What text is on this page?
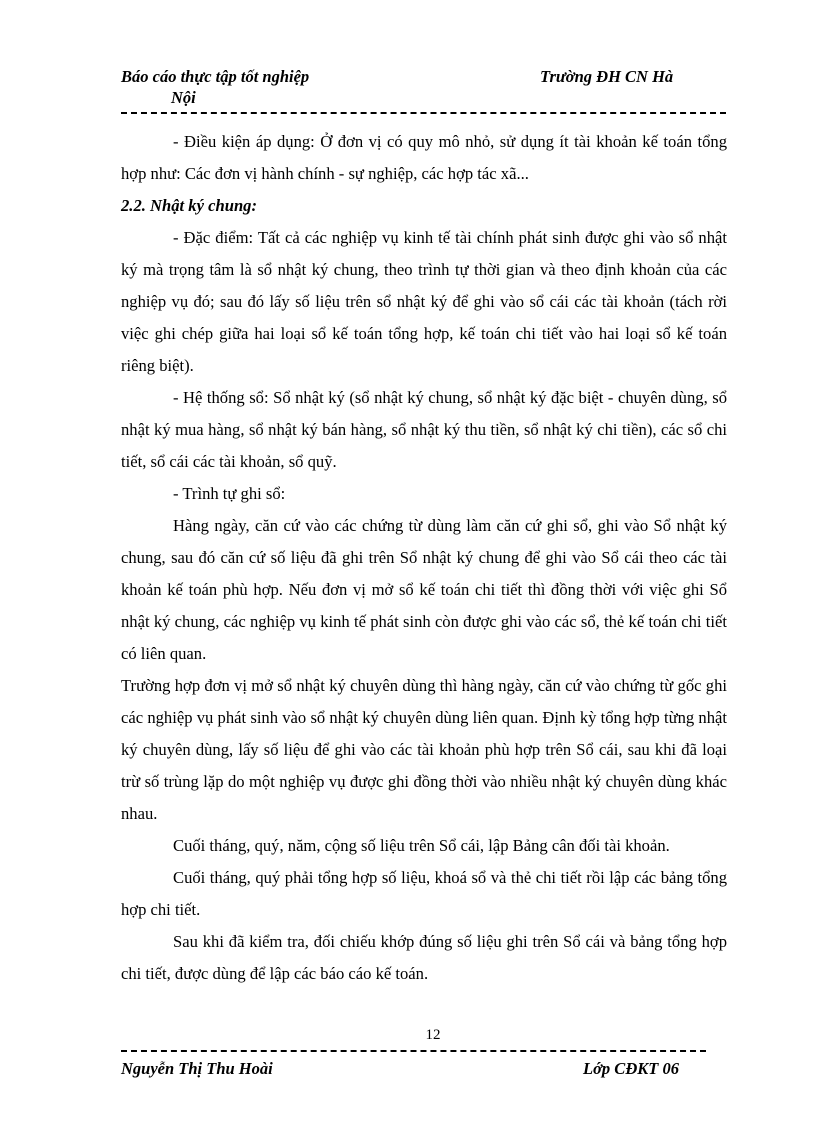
Báo cáo thực tập tốt nghiệp
Nội
Trường ĐH CN Hà

- Điều kiện áp dụng: Ở đơn vị có quy mô nhỏ, sử dụng ít tài khoản kế toán tổng hợp như: Các đơn vị hành chính - sự nghiệp, các hợp tác xã...

2.2. Nhật ký chung:

- Đặc điểm: Tất cả các nghiệp vụ kinh tế tài chính phát sinh được ghi vào sổ nhật ký mà trọng tâm là sổ nhật ký chung, theo trình tự thời gian và theo định khoản của các nghiệp vụ đó; sau đó lấy số liệu trên sổ nhật ký để ghi vào sổ cái các tài khoản (tách rời việc ghi chép giữa hai loại sổ kế toán tổng hợp, kế toán chi tiết vào hai loại sổ kế toán riêng biệt).

- Hệ thống sổ: Sổ nhật ký (sổ nhật ký chung, sổ nhật ký đặc biệt - chuyên dùng, sổ nhật ký mua hàng, sổ nhật ký bán hàng, sổ nhật ký thu tiền, sổ nhật ký chi tiền), các sổ chi tiết, sổ cái các tài khoản, sổ quỹ.

- Trình tự ghi sổ:

Hàng ngày, căn cứ vào các chứng từ dùng làm căn cứ ghi sổ, ghi vào Sổ nhật ký chung, sau đó căn cứ số liệu đã ghi trên Sổ nhật ký chung để ghi vào Sổ cái theo các tài khoản kế toán phù hợp. Nếu đơn vị mở sổ kế toán chi tiết thì đồng thời với việc ghi Sổ nhật ký chung, các nghiệp vụ kinh tế phát sinh còn được ghi vào các sổ, thẻ kế toán chi tiết có liên quan.

Trường hợp đơn vị mở sổ nhật ký chuyên dùng thì hàng ngày, căn cứ vào chứng từ gốc ghi các nghiệp vụ phát sinh vào sổ nhật ký chuyên dùng liên quan. Định kỳ tổng hợp từng nhật ký chuyên dùng, lấy số liệu để ghi vào các tài khoản phù hợp trên Sổ cái, sau khi đã loại trừ số trùng lặp do một nghiệp vụ được ghi đồng thời vào nhiều nhật ký chuyên dùng khác nhau.

Cuối tháng, quý, năm, cộng số liệu trên Sổ cái, lập Bảng cân đối tài khoản.

Cuối tháng, quý phải tổng hợp số liệu, khoá sổ và thẻ chi tiết rồi lập các bảng tổng hợp chi tiết.

Sau khi đã kiểm tra, đối chiếu khớp đúng số liệu ghi trên Sổ cái và bảng tổng hợp chi tiết, được dùng để lập các báo cáo kế toán.

12
Nguyễn Thị Thu Hoài	Lớp CĐKT 06
